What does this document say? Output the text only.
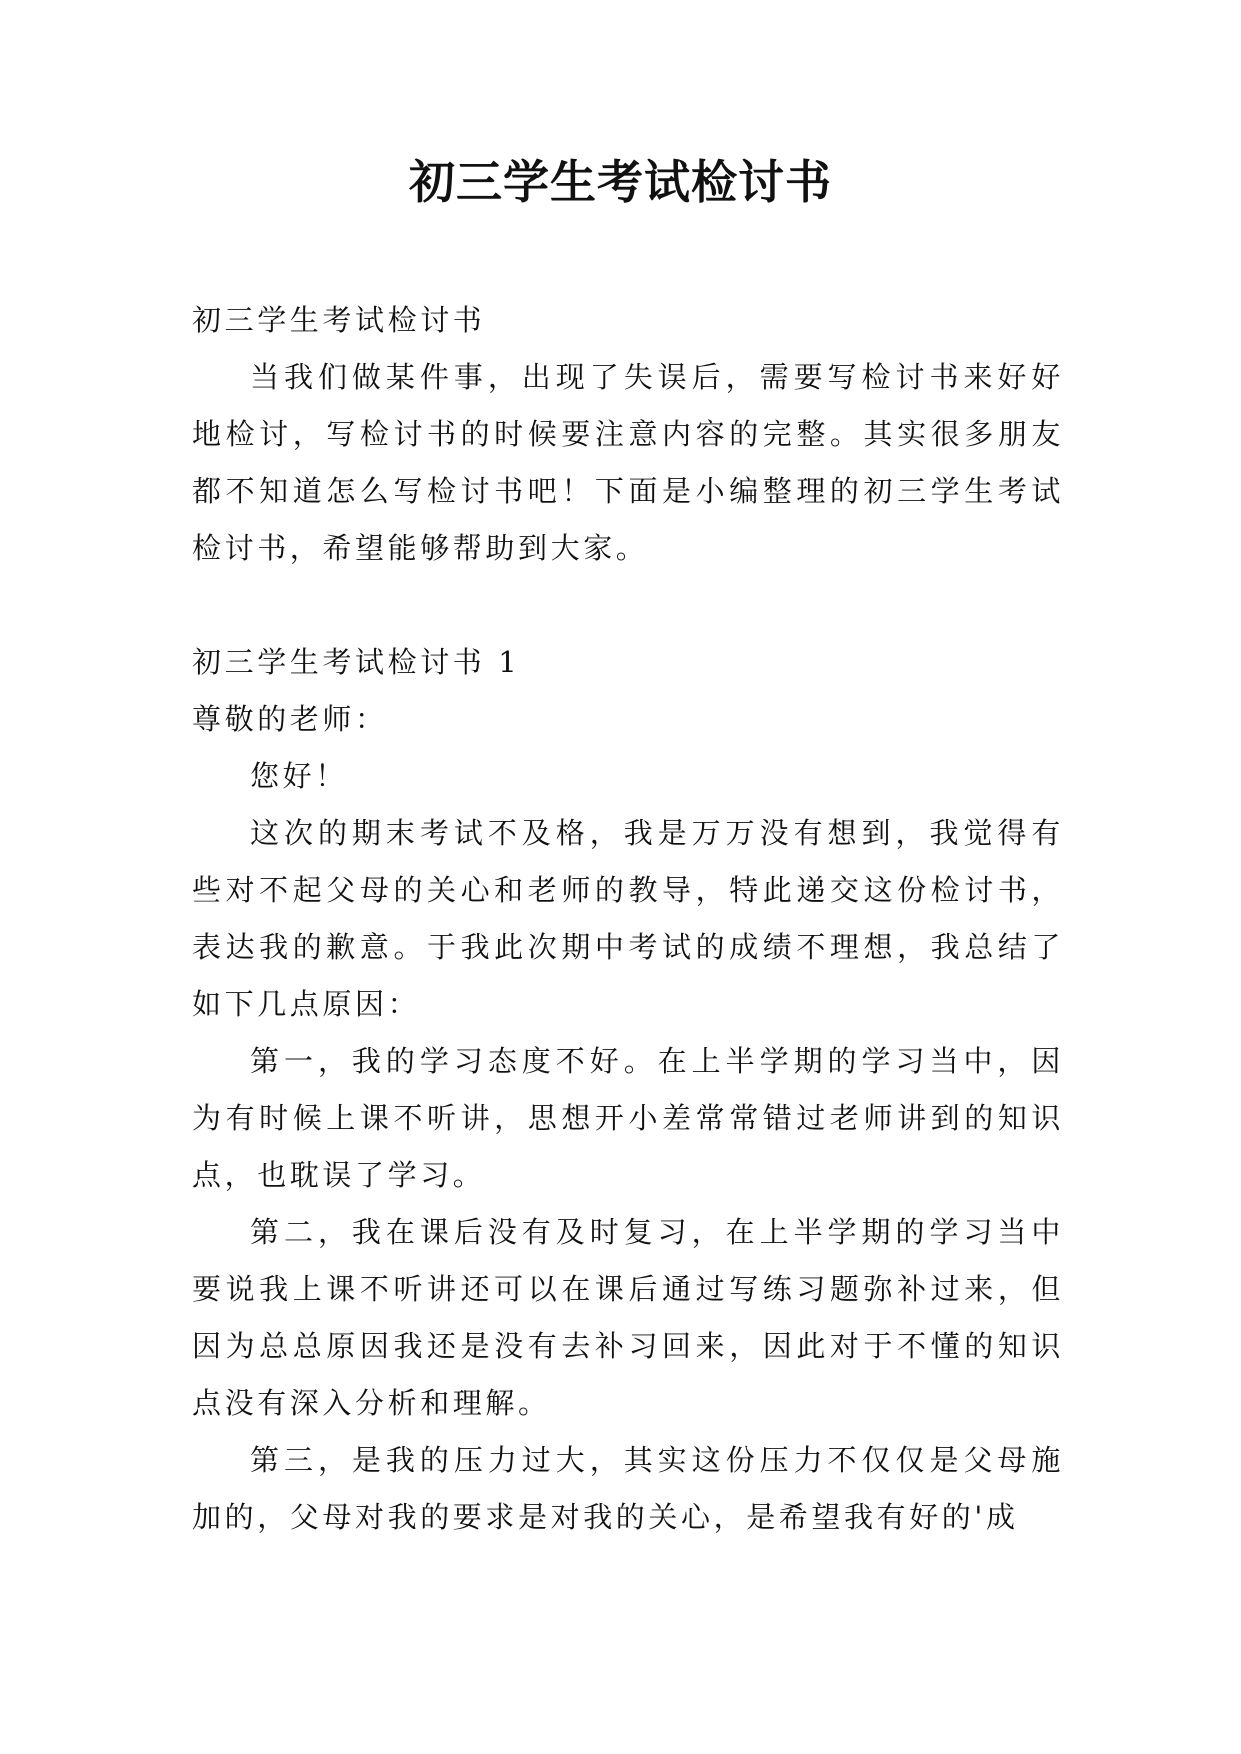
初三学生考试检讨书

初三学生考试检讨书

当我们做某件事，出现了失误后，需要写检讨书来好好地检讨，写检讨书的时候要注意内容的完整。其实很多朋友都不知道怎么写检讨书吧！下面是小编整理的初三学生考试检讨书，希望能够帮助到大家。

初三学生考试检讨书 1

尊敬的老师：

您好！

这次的期末考试不及格，我是万万没有想到，我觉得有些对不起父母的关心和老师的教导，特此递交这份检讨书，表达我的歉意。于我此次期中考试的成绩不理想，我总结了如下几点原因：

第一，我的学习态度不好。在上半学期的学习当中，因为有时候上课不听讲，思想开小差常常错过老师讲到的知识点，也耽误了学习。

第二，我在课后没有及时复习，在上半学期的学习当中要说我上课不听讲还可以在课后通过写练习题弥补过来，但因为总总原因我还是没有去补习回来，因此对于不懂的知识点没有深入分析和理解。

第三，是我的压力过大，其实这份压力不仅仅是父母施加的，父母对我的要求是对我的关心，是希望我有好的'成
